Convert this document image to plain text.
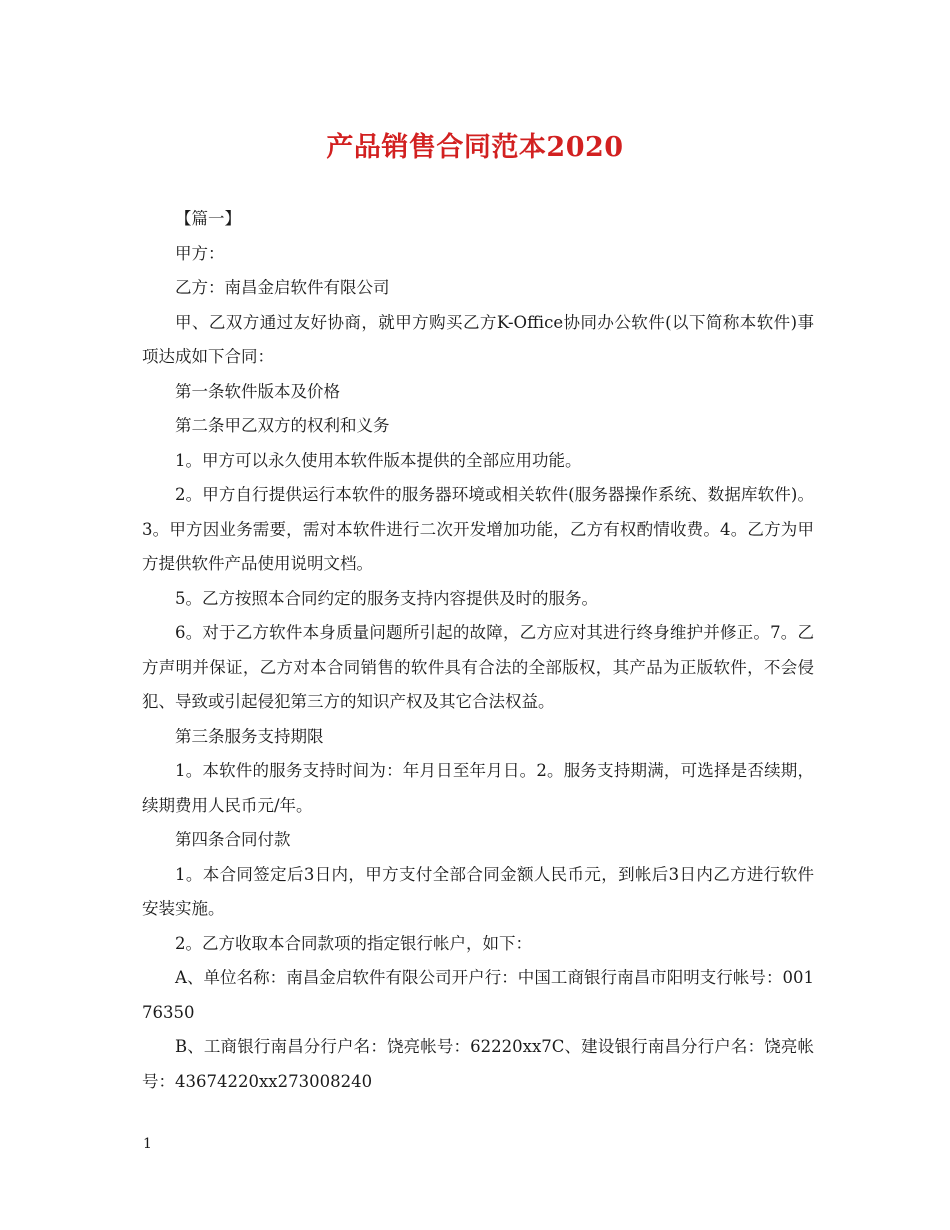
产品销售合同范本2020

【篇一】

甲方：

乙方：南昌金启软件有限公司

甲、乙双方通过友好协商，就甲方购买乙方K-Office协同办公软件(以下简称本软件)事项达成如下合同：

第一条软件版本及价格

第二条甲乙双方的权利和义务

1。甲方可以永久使用本软件版本提供的全部应用功能。

2。甲方自行提供运行本软件的服务器环境或相关软件(服务器操作系统、数据库软件)。3。甲方因业务需要，需对本软件进行二次开发增加功能，乙方有权酌情收费。4。乙方为甲方提供软件产品使用说明文档。

5。乙方按照本合同约定的服务支持内容提供及时的服务。

6。对于乙方软件本身质量问题所引起的故障，乙方应对其进行终身维护并修正。7。乙方声明并保证，乙方对本合同销售的软件具有合法的全部版权，其产品为正版软件，不会侵犯、导致或引起侵犯第三方的知识产权及其它合法权益。

第三条服务支持期限

1。本软件的服务支持时间为：年月日至年月日。2。服务支持期满，可选择是否续期，续期费用人民币元/年。

第四条合同付款

1。本合同签定后3日内，甲方支付全部合同金额人民币元，到帐后3日内乙方进行软件安装实施。

2。乙方收取本合同款项的指定银行帐户，如下：

A、单位名称：南昌金启软件有限公司开户行：中国工商银行南昌市阳明支行帐号：00176350

B、工商银行南昌分行户名：饶亮帐号：62220xx7C、建设银行南昌分行户名：饶亮帐号：43674220xx273008240

1
